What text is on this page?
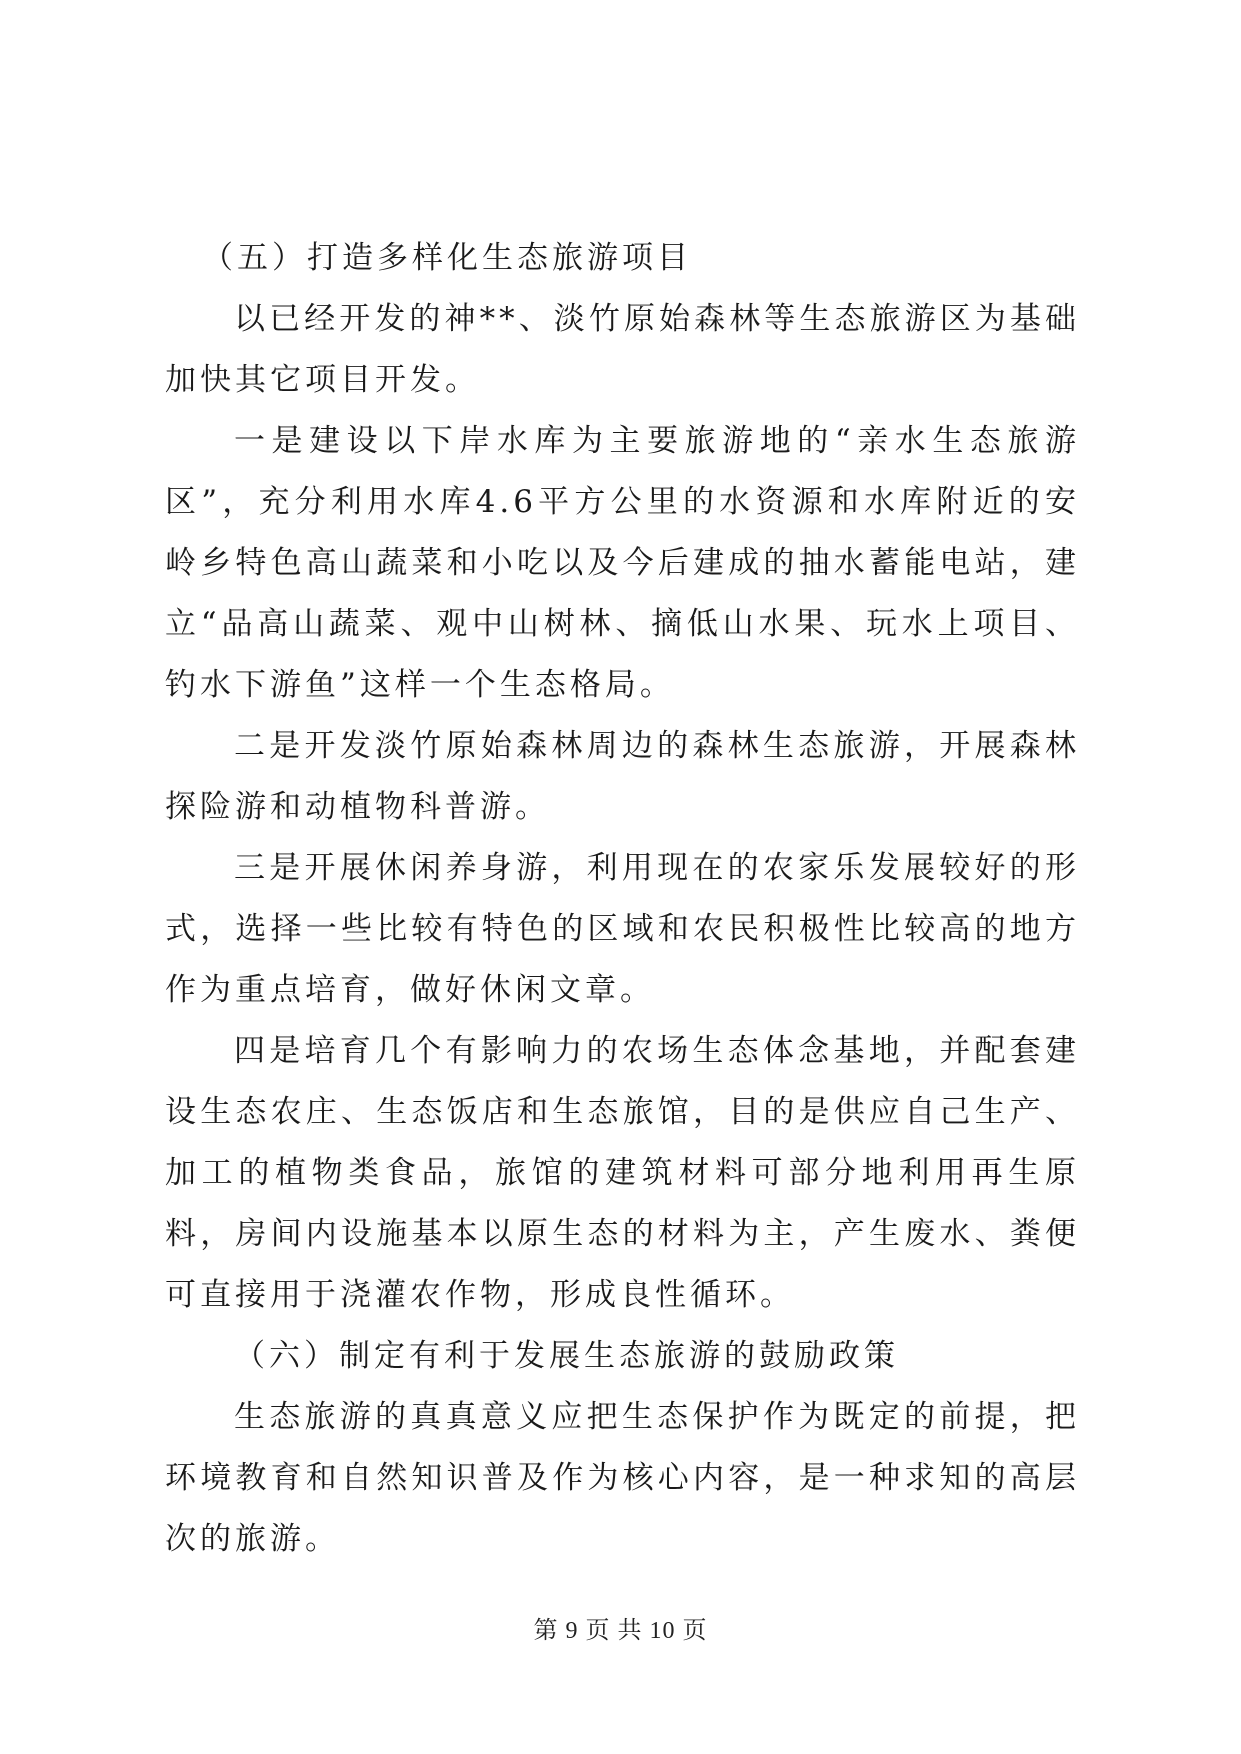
（五）打造多样化生态旅游项目

以已经开发的神**、淡竹原始森林等生态旅游区为基础加快其它项目开发。

一是建设以下岸水库为主要旅游地的“亲水生态旅游区”，充分利用水库4.6平方公里的水资源和水库附近的安岭乡特色高山蔬菜和小吃以及今后建成的抽水蓄能电站，建立“品高山蔬菜、观中山树林、摘低山水果、玩水上项目、钓水下游鱼”这样一个生态格局。

二是开发淡竹原始森林周边的森林生态旅游，开展森林探险游和动植物科普游。

三是开展休闲养身游，利用现在的农家乐发展较好的形式，选择一些比较有特色的区域和农民积极性比较高的地方作为重点培育，做好休闲文章。

四是培育几个有影响力的农场生态体念基地，并配套建设生态农庄、生态饭店和生态旅馆，目的是供应自己生产、加工的植物类食品，旅馆的建筑材料可部分地利用再生原料，房间内设施基本以原生态的材料为主，产生废水、粪便可直接用于浇灌农作物，形成良性循环。

（六）制定有利于发展生态旅游的鼓励政策

生态旅游的真真意义应把生态保护作为既定的前提，把环境教育和自然知识普及作为核心内容，是一种求知的高层次的旅游。

第 9 页 共 10 页
